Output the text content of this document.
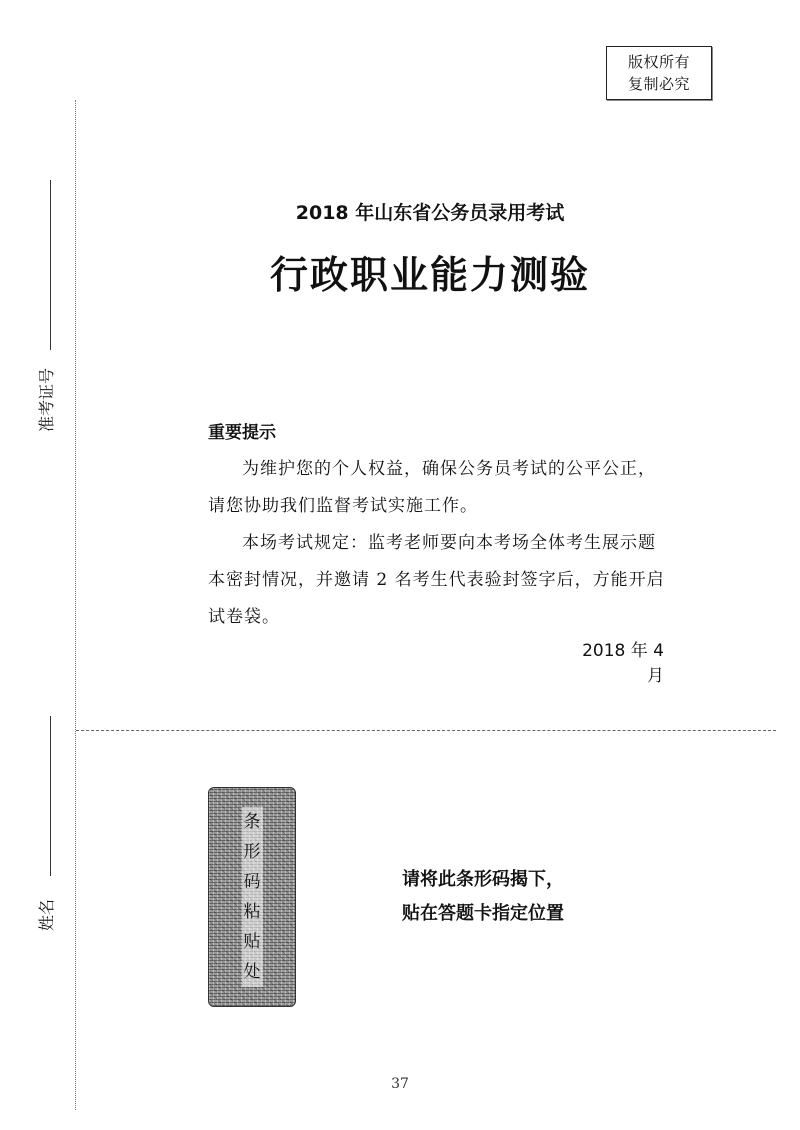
版权所有
复制必究
准考证号
姓名
2018 年山东省公务员录用考试
行政职业能力测验
重要提示
为维护您的个人权益，确保公务员考试的公平公正，请您协助我们监督考试实施工作。
本场考试规定：监考老师要向本考场全体考生展示题本密封情况，并邀请 2 名考生代表验封签字后，方能开启试卷袋。
2018 年 4 月
条
形
码
粘
贴
处
请将此条形码揭下，
贴在答题卡指定位置
37
